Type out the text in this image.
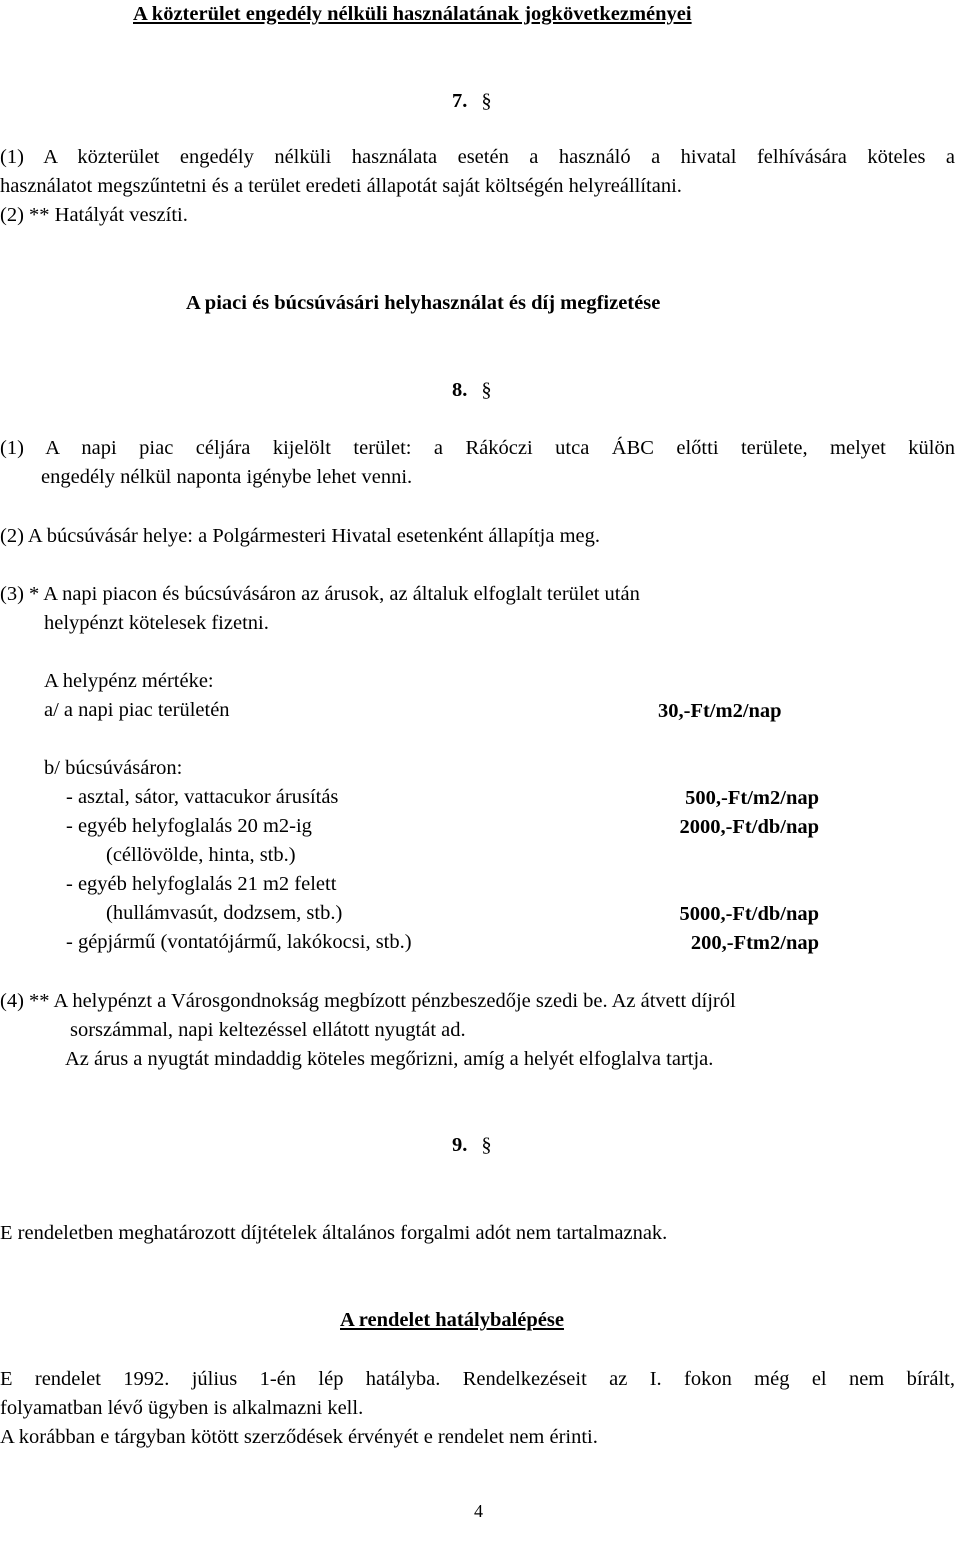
A közterület engedély nélküli használatának jogkövetkezményei
7. §
(1) A közterület engedély nélküli használata esetén a használó a hivatal felhívására köteles a
használatot megszűntetni és a terület eredeti állapotát saját költségén helyreállítani.
(2) ** Hatályát veszíti.
A piaci és búcsúvásári helyhasználat és díj megfizetése
8. §
(1) A napi piac céljára kijelölt terület: a Rákóczi utca ÁBC előtti területe, melyet külön
engedély nélkül naponta igénybe lehet venni.
(2) A búcsúvásár helye: a Polgármesteri Hivatal esetenként állapítja meg.
(3) * A napi piacon és búcsúvásáron az árusok, az általuk elfoglalt terület után
helypénzt kötelesek fizetni.
A helypénz mértéke:
a/ a napi piac területén	30,-Ft/m2/nap
b/ búcsúvásáron:
- asztal, sátor, vattacukor árusítás	500,-Ft/m2/nap
- egyéb helyfoglalás 20 m2-ig	2000,-Ft/db/nap
(céllövölde, hinta, stb.)
- egyéb helyfoglalás 21 m2 felett
(hullámvasút, dodzsem, stb.)	5000,-Ft/db/nap
- gépjármű (vontatójármű, lakókocsi, stb.)	200,-Ftm2/nap
(4) ** A helypénzt a Városgondnokság megbízott pénzbeszedője szedi be. Az átvett díjról
sorszámmal, napi keltezéssel ellátott nyugtát ad.
Az árus a nyugtát mindaddig köteles megőrizni, amíg a helyét elfoglalva tartja.
9. §
E rendeletben meghatározott díjtételek általános forgalmi adót nem tartalmaznak.
A rendelet hatálybalépése
E rendelet 1992. július 1-én lép hatályba. Rendelkezéseit az I. fokon még el nem bírált,
folyamatban lévő ügyben is alkalmazni kell.
A korábban e tárgyban kötött szerződések érvényét e rendelet nem érinti.
4
